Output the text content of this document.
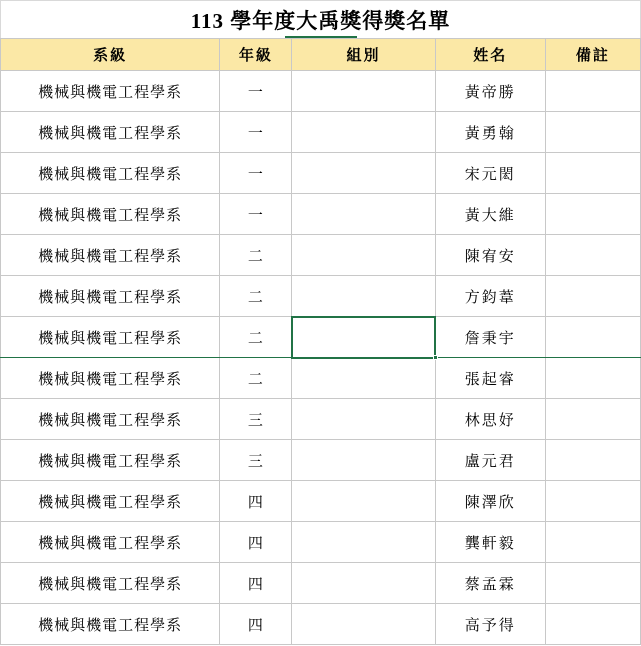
113 學年度大禹獎得獎名單
系級	年級	組別	姓名	備註
機械與機電工程學系	一		黃帝勝	
機械與機電工程學系	一		黃勇翰	
機械與機電工程學系	一		宋元閎	
機械與機電工程學系	一		黃大維	
機械與機電工程學系	二		陳宥安	
機械與機電工程學系	二		方鈞葦	
機械與機電工程學系	二		詹秉宇	
機械與機電工程學系	二		張起睿	
機械與機電工程學系	三		林思妤	
機械與機電工程學系	三		盧元君	
機械與機電工程學系	四		陳澤欣	
機械與機電工程學系	四		龔軒毅	
機械與機電工程學系	四		蔡孟霖	
機械與機電工程學系	四		高予得	
